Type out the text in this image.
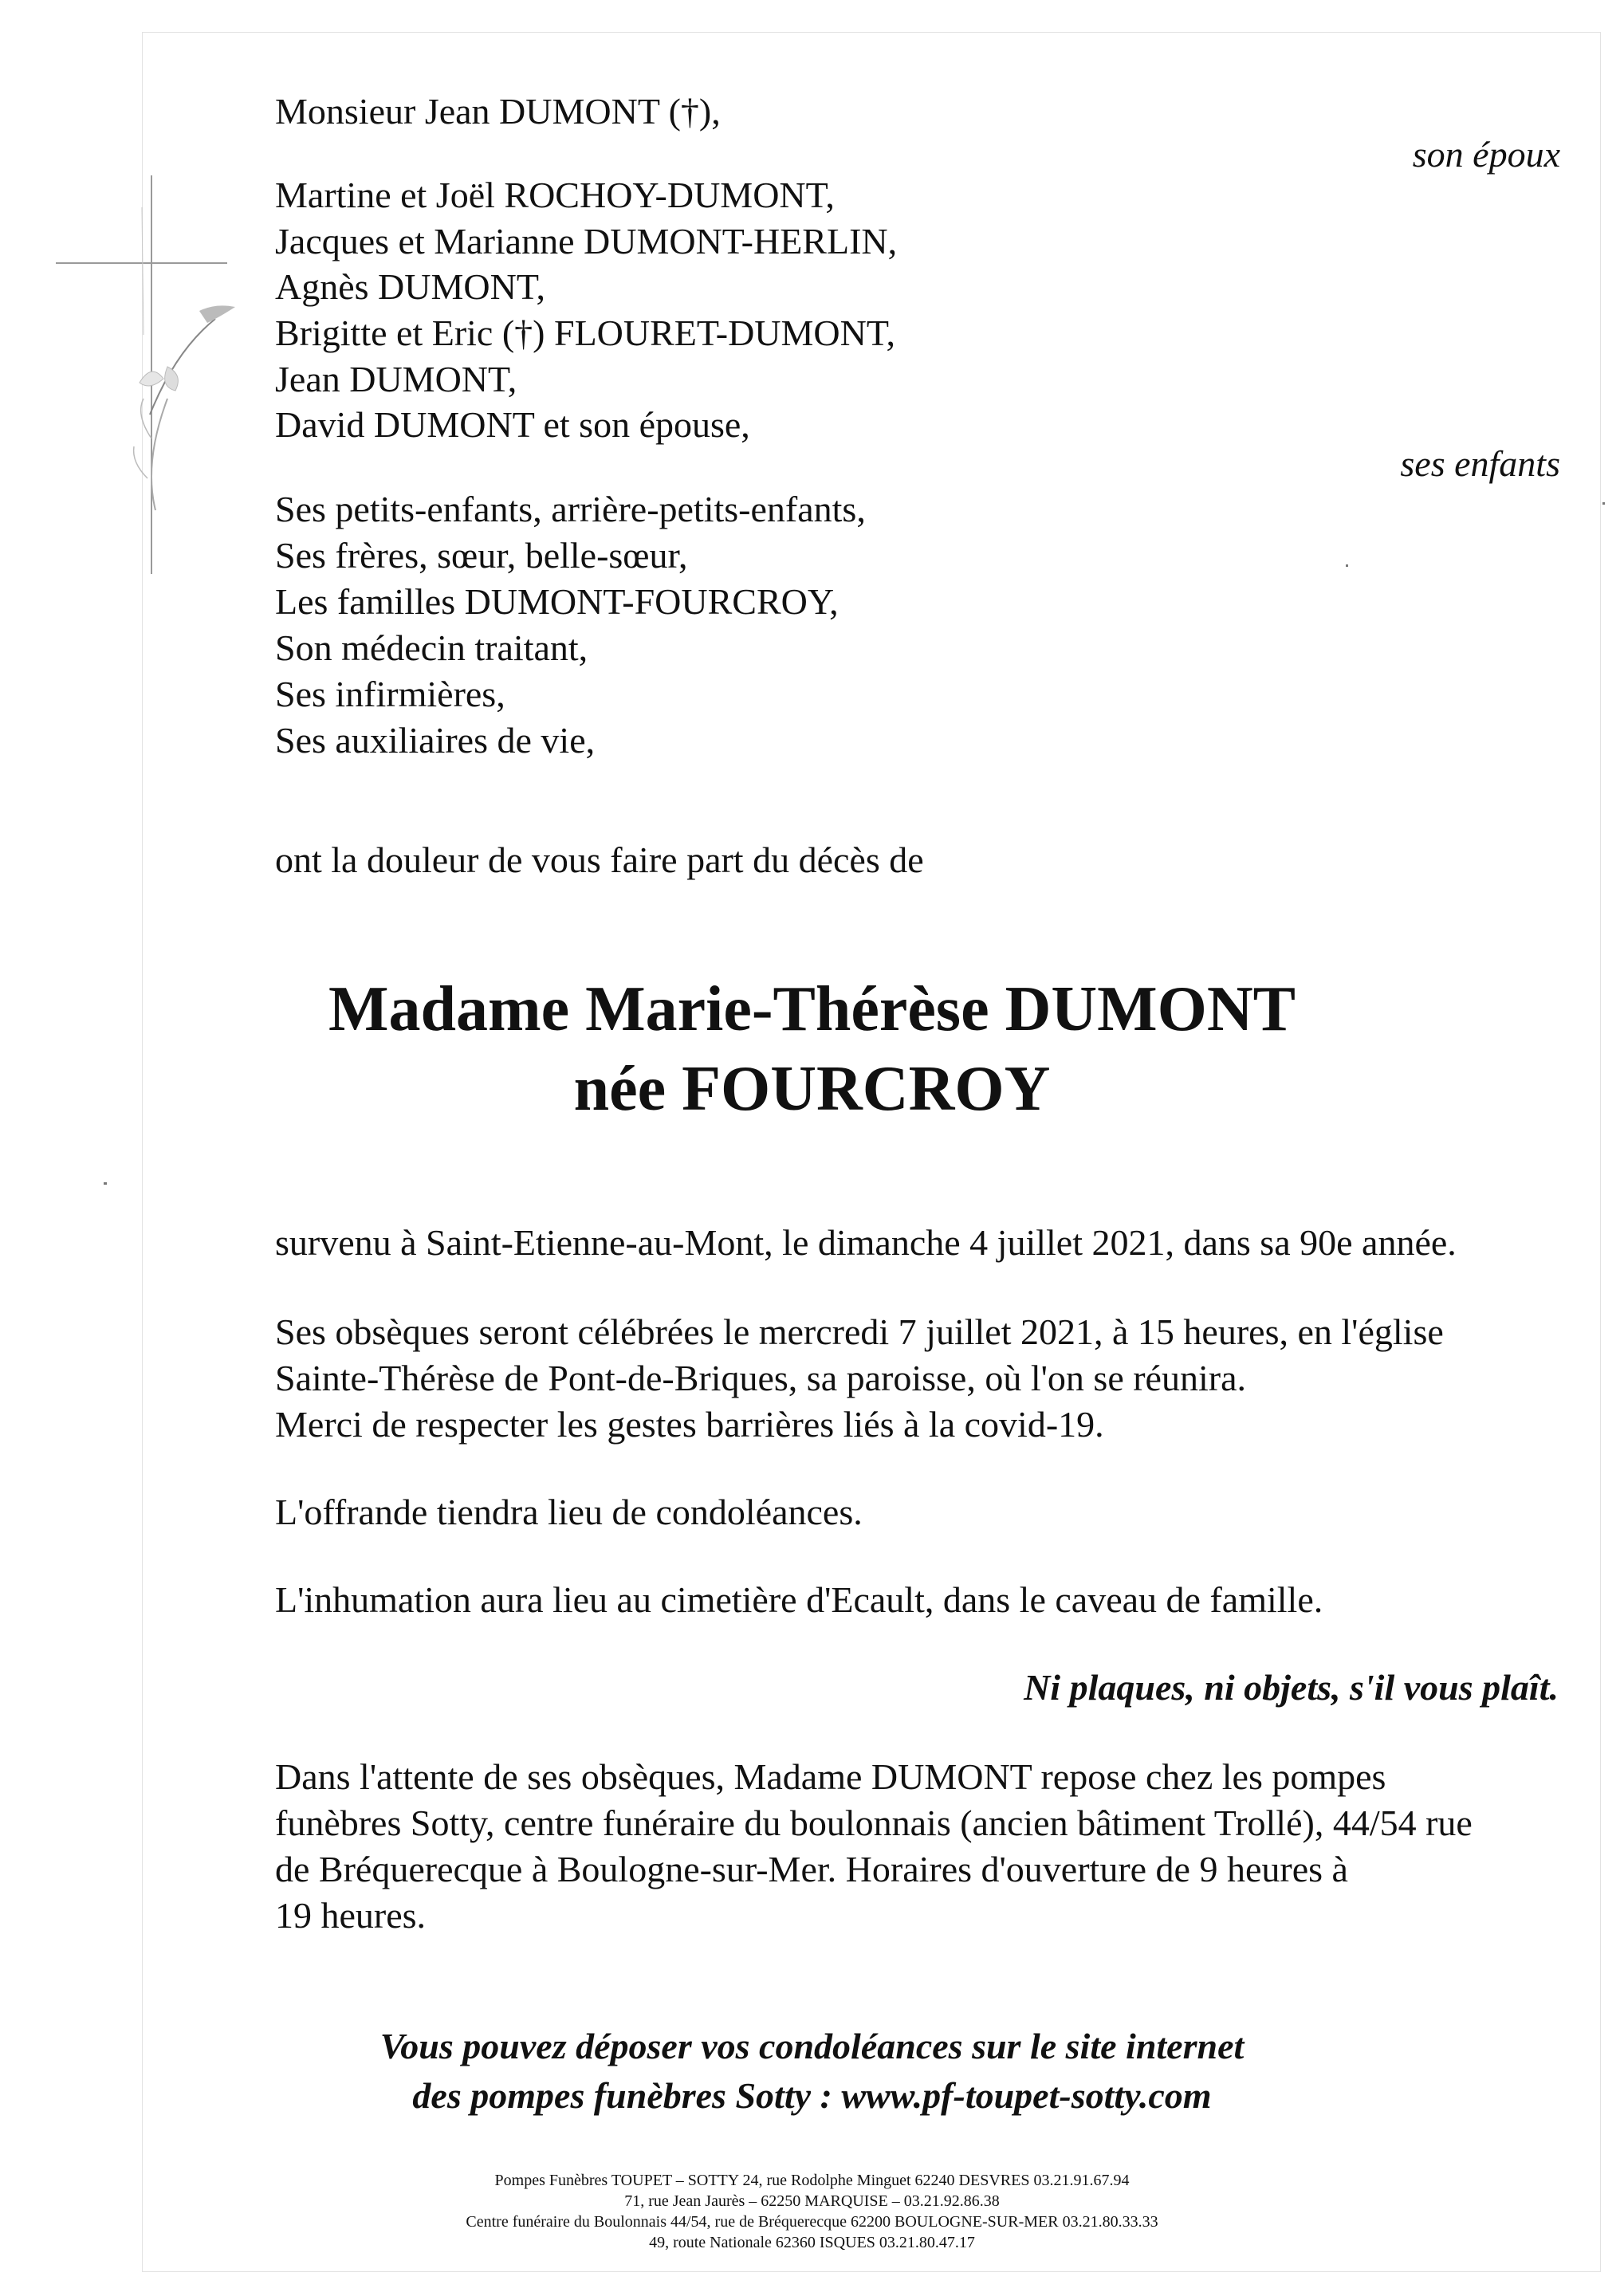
Monsieur Jean DUMONT (†),
son époux
Martine et Joël ROCHOY-DUMONT,
Jacques et Marianne DUMONT-HERLIN,
Agnès DUMONT,
Brigitte et Eric (†) FLOURET-DUMONT,
Jean DUMONT,
David DUMONT et son épouse,
ses enfants
Ses petits-enfants, arrière-petits-enfants,
Ses frères, sœur, belle-sœur,
Les familles DUMONT-FOURCROY,
Son médecin traitant,
Ses infirmières,
Ses auxiliaires de vie,
ont la douleur de vous faire part du décès de
Madame Marie-Thérèse DUMONT
née FOURCROY
survenu à Saint-Etienne-au-Mont, le dimanche 4 juillet 2021, dans sa 90e année.
Ses obsèques seront célébrées le mercredi 7 juillet 2021, à 15 heures, en l'église
Sainte-Thérèse de Pont-de-Briques, sa paroisse, où l'on se réunira.
Merci de respecter les gestes barrières liés à la covid-19.
L'offrande tiendra lieu de condoléances.
L'inhumation aura lieu au cimetière d'Ecault, dans le caveau de famille.
Ni plaques, ni objets, s'il vous plaît.
Dans l'attente de ses obsèques, Madame DUMONT repose chez les pompes
funèbres Sotty, centre funéraire du boulonnais (ancien bâtiment Trollé), 44/54 rue
de Bréquerecque à Boulogne-sur-Mer. Horaires d'ouverture de 9 heures à
19 heures.
Vous pouvez déposer vos condoléances sur le site internet
des pompes funèbres Sotty : www.pf-toupet-sotty.com
Pompes Funèbres TOUPET – SOTTY 24, rue Rodolphe Minguet 62240 DESVRES 03.21.91.67.94
71, rue Jean Jaurès – 62250 MARQUISE – 03.21.92.86.38
Centre funéraire du Boulonnais 44/54, rue de Bréquerecque 62200 BOULOGNE-SUR-MER 03.21.80.33.33
49, route Nationale 62360 ISQUES 03.21.80.47.17
